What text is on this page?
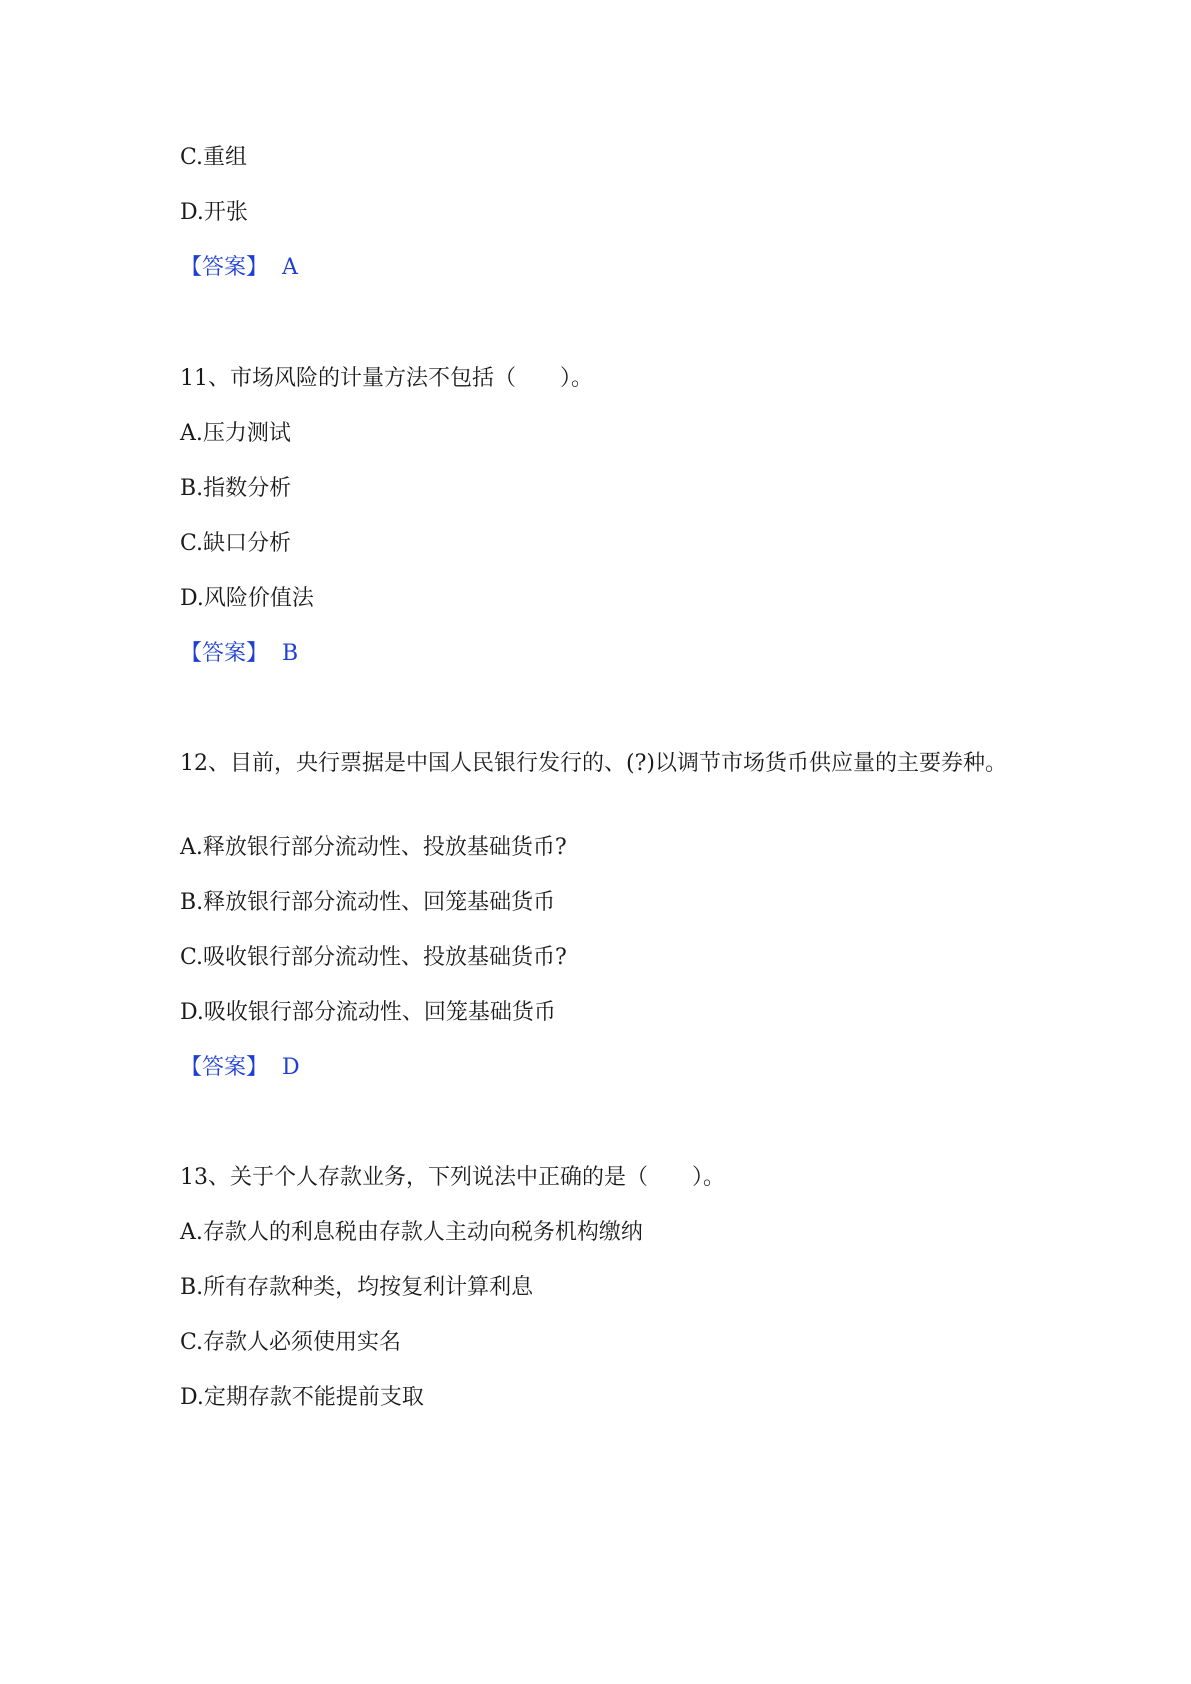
C.重组
D.开张
【答案】 A
11、市场风险的计量方法不包括（　　）。
A.压力测试
B.指数分析
C.缺口分析
D.风险价值法
【答案】 B
12、目前，央行票据是中国人民银行发行的、(?)以调节市场货币供应量的主要券种。
A.释放银行部分流动性、投放基础货币?
B.释放银行部分流动性、回笼基础货币
C.吸收银行部分流动性、投放基础货币?
D.吸收银行部分流动性、回笼基础货币
【答案】 D
13、关于个人存款业务，下列说法中正确的是（　　）。
A.存款人的利息税由存款人主动向税务机构缴纳
B.所有存款种类，均按复利计算利息
C.存款人必须使用实名
D.定期存款不能提前支取
